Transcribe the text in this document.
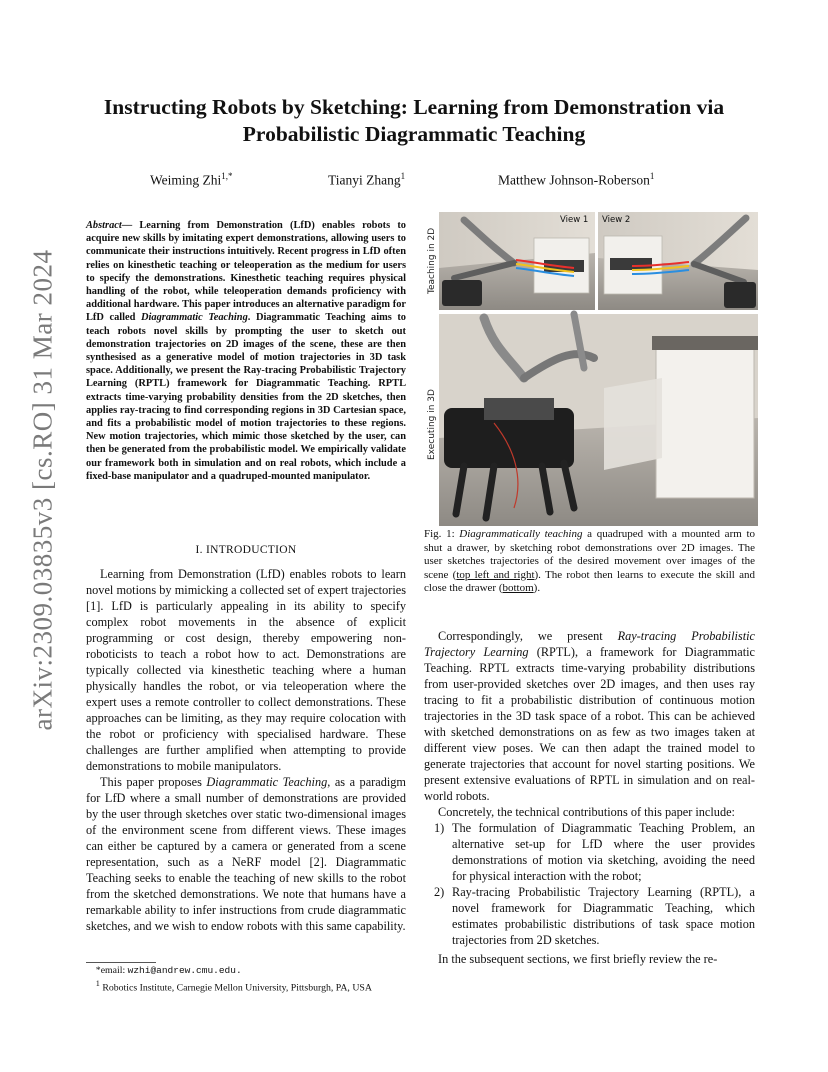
arXiv:2309.03835v3 [cs.RO] 31 Mar 2024
Instructing Robots by Sketching: Learning from Demonstration via
Probabilistic Diagrammatic Teaching
Weiming Zhi$^{1,*}$	Tianyi Zhang$^1$	Matthew Johnson-Roberson$^1$
Abstract— Learning from Demonstration (LfD) enables robots to acquire new skills by imitating expert demonstrations, allowing users to communicate their instructions intuitively. Recent progress in LfD often relies on kinesthetic teaching or teleoperation as the medium for users to specify the demonstrations. Kinesthetic teaching requires physical handling of the robot, while teleoperation demands proficiency with additional hardware. This paper introduces an alternative paradigm for LfD called Diagrammatic Teaching. Diagrammatic Teaching aims to teach robots novel skills by prompting the user to sketch out demonstration trajectories on 2D images of the scene, these are then synthesised as a generative model of motion trajectories in 3D task space. Additionally, we present the Ray-tracing Probabilistic Trajectory Learning (RPTL) framework for Diagrammatic Teaching. RPTL extracts time-varying probability densities from the 2D sketches, then applies ray-tracing to find corresponding regions in 3D Cartesian space, and fits a probabilistic model of motion trajectories to these regions. New motion trajectories, which mimic those sketched by the user, can then be generated from the probabilistic model. We empirically validate our framework both in simulation and on real robots, which include a fixed-base manipulator and a quadruped-mounted manipulator.
I. INTRODUCTION

Learning from Demonstration (LfD) enables robots to learn novel motions by mimicking a collected set of expert trajectories [1]. LfD is particularly appealing in its ability to specify complex robot movements in the absence of explicit programming or cost design, thereby empowering non-roboticists to teach a robot how to act. Demonstrations are typically collected via kinesthetic teaching where a human physically handles the robot, or via teleoperation where the expert uses a remote controller to collect demonstrations. These approaches can be limiting, as they may require colocation with the robot or proficiency with specialised hardware. These challenges are further amplified when attempting to provide demonstrations to mobile manipulators.

This paper proposes Diagrammatic Teaching, as a paradigm for LfD where a small number of demonstrations are provided by the user through sketches over static two-dimensional images of the environment scene from different views. These images can either be captured by a camera or generated from a scene representation, such as a NeRF model [2]. Diagrammatic Teaching seeks to enable the teaching of new skills to the robot from the sketched demonstrations. We note that humans have a remarkable ability to infer instructions from crude diagrammatic sketches, and we wish to endow robots with this same capability.

*email: wzhi@andrew.cmu.edu.
$^1$ Robotics Institute, Carnegie Mellon University, Pittsburgh, PA, USA
Teaching in 2D
Executing in 3D
View 1 View 2
Fig. 1: Diagrammatically teaching a quadruped with a mounted arm to shut a drawer, by sketching robot demonstrations over 2D images. The user sketches trajectories of the desired movement over images of the scene (top left and right). The robot then learns to execute the skill and close the drawer (bottom).

Correspondingly, we present Ray-tracing Probabilistic Trajectory Learning (RPTL), a framework for Diagrammatic Teaching. RPTL extracts time-varying probability distributions from user-provided sketches over 2D images, and then uses ray tracing to fit a probabilistic distribution of continuous motion trajectories in the 3D task space of a robot. This can be achieved with sketched demonstrations on as few as two images taken at different view poses. We can then adapt the trained model to generate trajectories that account for novel starting positions. We present extensive evaluations of RPTL in simulation and on real-world robots.

Concretely, the technical contributions of this paper include:

1) The formulation of Diagrammatic Teaching Problem, an alternative set-up for LfD where the user provides demonstrations of motion via sketching, avoiding the need for physical interaction with the robot;
2) Ray-tracing Probabilistic Trajectory Learning (RPTL), a novel framework for Diagrammatic Teaching, which estimates probabilistic distributions of task space motion trajectories from 2D sketches.

In the subsequent sections, we first briefly review the re-
